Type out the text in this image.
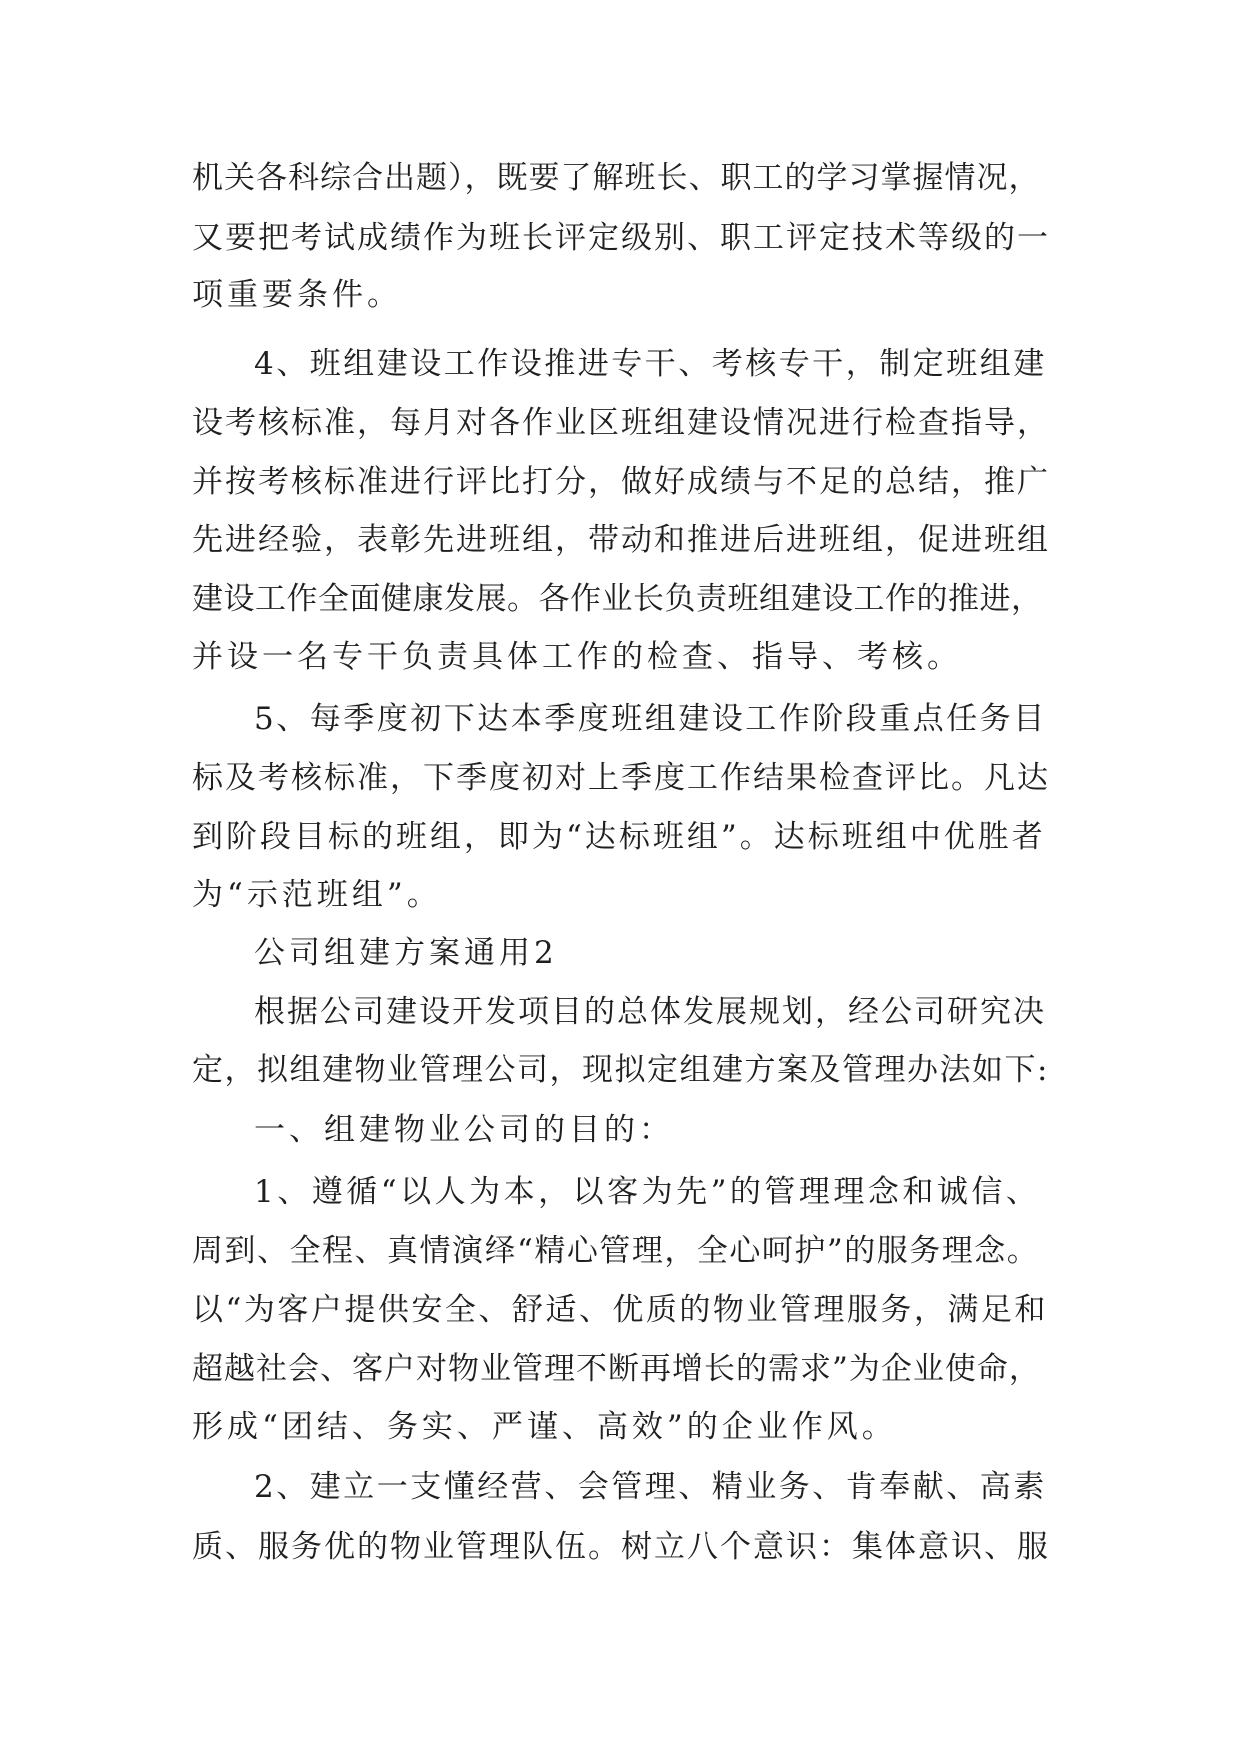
机关各科综合出题），既要了解班长、职工的学习掌握情况，
又要把考试成绩作为班长评定级别、职工评定技术等级的一
项重要条件。
4、班组建设工作设推进专干、考核专干，制定班组建
设考核标准，每月对各作业区班组建设情况进行检查指导，
并按考核标准进行评比打分，做好成绩与不足的总结，推广
先进经验，表彰先进班组，带动和推进后进班组，促进班组
建设工作全面健康发展。各作业长负责班组建设工作的推进，
并设一名专干负责具体工作的检查、指导、考核。
5、每季度初下达本季度班组建设工作阶段重点任务目
标及考核标准，下季度初对上季度工作结果检查评比。凡达
到阶段目标的班组，即为“达标班组”。达标班组中优胜者
为“示范班组”。
公司组建方案通用2
根据公司建设开发项目的总体发展规划，经公司研究决
定，拟组建物业管理公司，现拟定组建方案及管理办法如下:
一、组建物业公司的目的：
1、遵循“以人为本，以客为先”的管理理念和诚信、
周到、全程、真情演绎“精心管理，全心呵护”的服务理念。
以“为客户提供安全、舒适、优质的物业管理服务，满足和
超越社会、客户对物业管理不断再增长的需求”为企业使命，
形成“团结、务实、严谨、高效”的企业作风。
2、建立一支懂经营、会管理、精业务、肯奉献、高素
质、服务优的物业管理队伍。树立八个意识：集体意识、服
